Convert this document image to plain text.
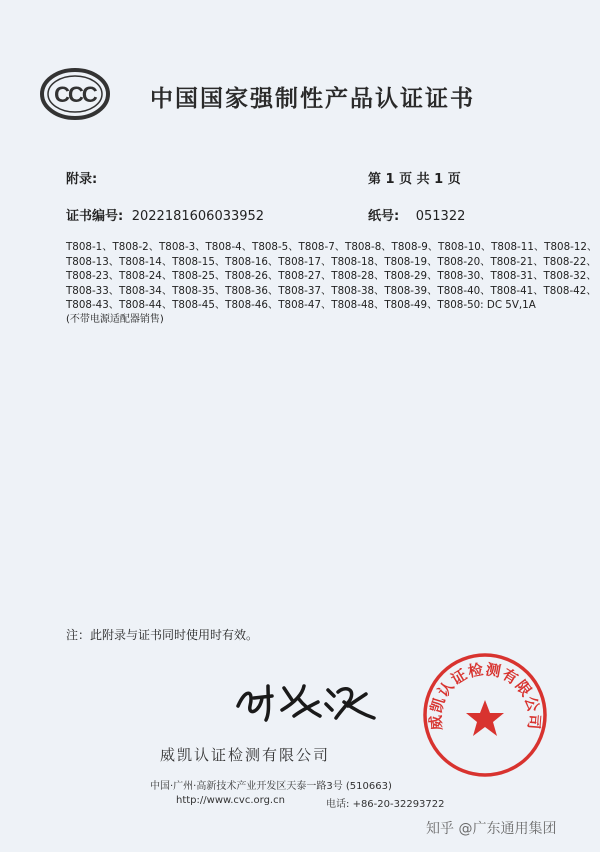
CCC 中国国家强制性产品认证证书
附录:	第 1 页 共 1 页
证书编号: 2022181606033952	纸号: 051322
T808-1、T808-2、T808-3、T808-4、T808-5、T808-7、T808-8、T808-9、T808-10、T808-11、T808-12、
T808-13、T808-14、T808-15、T808-16、T808-17、T808-18、T808-19、T808-20、T808-21、T808-22、
T808-23、T808-24、T808-25、T808-26、T808-27、T808-28、T808-29、T808-30、T808-31、T808-32、
T808-33、T808-34、T808-35、T808-36、T808-37、T808-38、T808-39、T808-40、T808-41、T808-42、
T808-43、T808-44、T808-45、T808-46、T808-47、T808-48、T808-49、T808-50: DC 5V,1A
(不带电源适配器销售)
注：此附录与证书同时使用时有效。
威凯认证检测有限公司
中国·广州·高新技术产业开发区天泰一路3号 (510663)
http://www.cvc.org.cn	电话: +86-20-32293722
威凯认证检测有限公司
知乎 @广东通用集团
